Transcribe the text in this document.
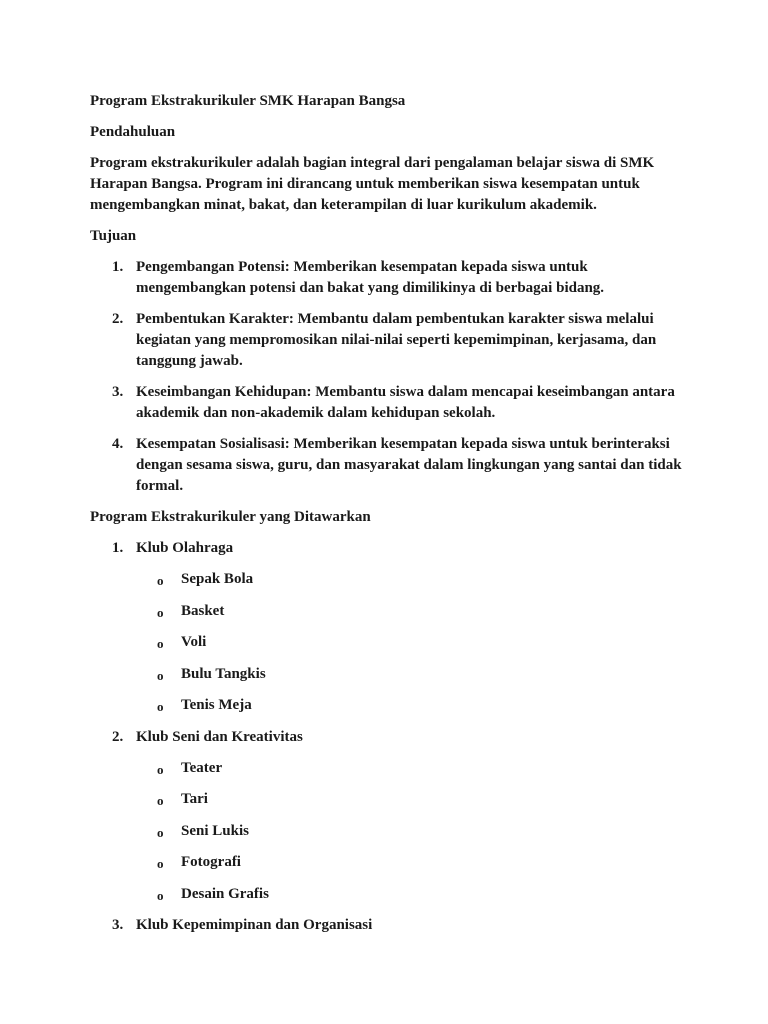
Program Ekstrakurikuler SMK Harapan Bangsa

Pendahuluan

Program ekstrakurikuler adalah bagian integral dari pengalaman belajar siswa di SMK Harapan Bangsa. Program ini dirancang untuk memberikan siswa kesempatan untuk mengembangkan minat, bakat, dan keterampilan di luar kurikulum akademik.

Tujuan

1. Pengembangan Potensi: Memberikan kesempatan kepada siswa untuk mengembangkan potensi dan bakat yang dimilikinya di berbagai bidang.
2. Pembentukan Karakter: Membantu dalam pembentukan karakter siswa melalui kegiatan yang mempromosikan nilai-nilai seperti kepemimpinan, kerjasama, dan tanggung jawab.
3. Keseimbangan Kehidupan: Membantu siswa dalam mencapai keseimbangan antara akademik dan non-akademik dalam kehidupan sekolah.
4. Kesempatan Sosialisasi: Memberikan kesempatan kepada siswa untuk berinteraksi dengan sesama siswa, guru, dan masyarakat dalam lingkungan yang santai dan tidak formal.

Program Ekstrakurikuler yang Ditawarkan

1. Klub Olahraga
o Sepak Bola
o Basket
o Voli
o Bulu Tangkis
o Tenis Meja
2. Klub Seni dan Kreativitas
o Teater
o Tari
o Seni Lukis
o Fotografi
o Desain Grafis
3. Klub Kepemimpinan dan Organisasi
